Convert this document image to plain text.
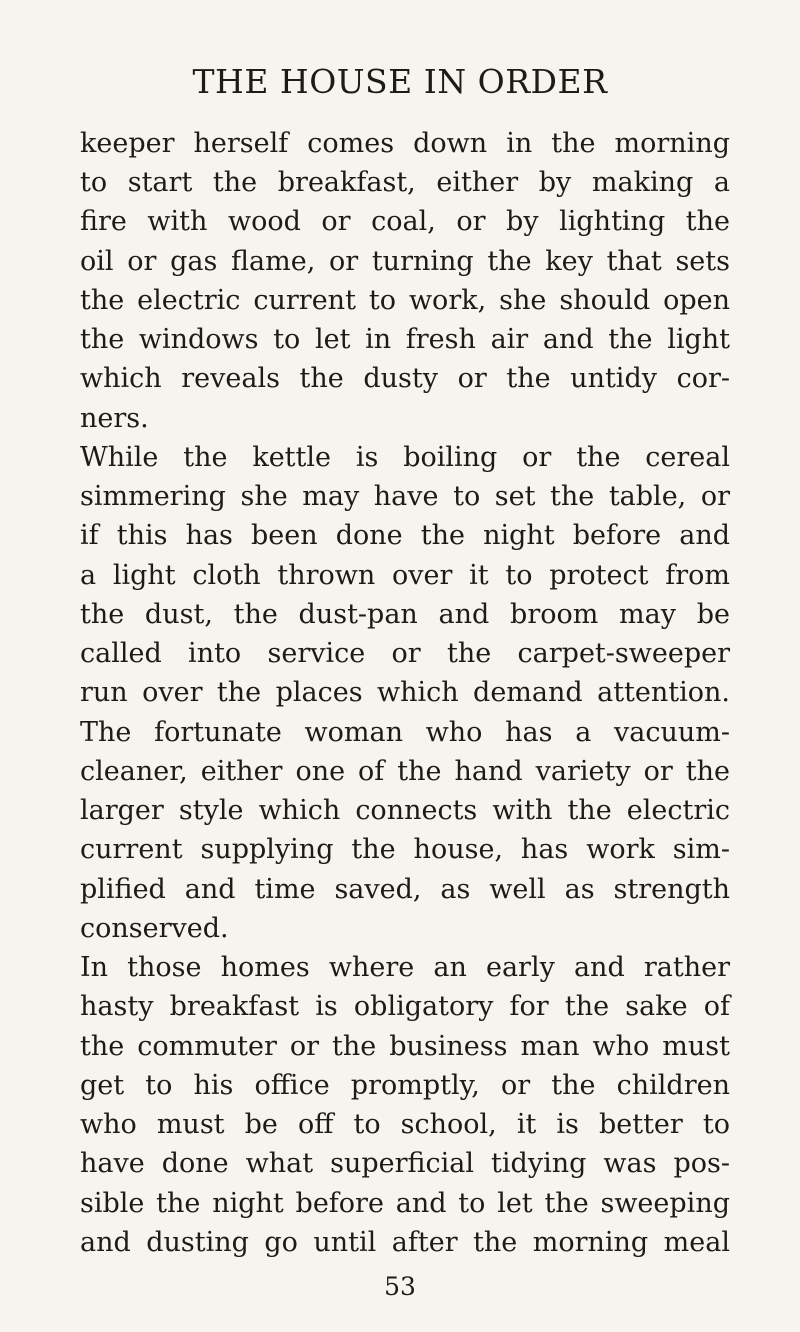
THE HOUSE IN ORDER
keeper herself comes down in the morning
to start the breakfast, either by making a
fire with wood or coal, or by lighting the
oil or gas flame, or turning the key that sets
the electric current to work, she should open
the windows to let in fresh air and the light
which reveals the dusty or the untidy cor-
ners.
While the kettle is boiling or the cereal
simmering she may have to set the table, or
if this has been done the night before and
a light cloth thrown over it to protect from
the dust, the dust-pan and broom may be
called into service or the carpet-sweeper
run over the places which demand attention.
The fortunate woman who has a vacuum-
cleaner, either one of the hand variety or the
larger style which connects with the electric
current supplying the house, has work sim-
plified and time saved, as well as strength
conserved.
In those homes where an early and rather
hasty breakfast is obligatory for the sake of
the commuter or the business man who must
get to his office promptly, or the children
who must be off to school, it is better to
53
have done what superficial tidying was pos-
sible the night before and to let the sweeping
and dusting go until after the morning meal
